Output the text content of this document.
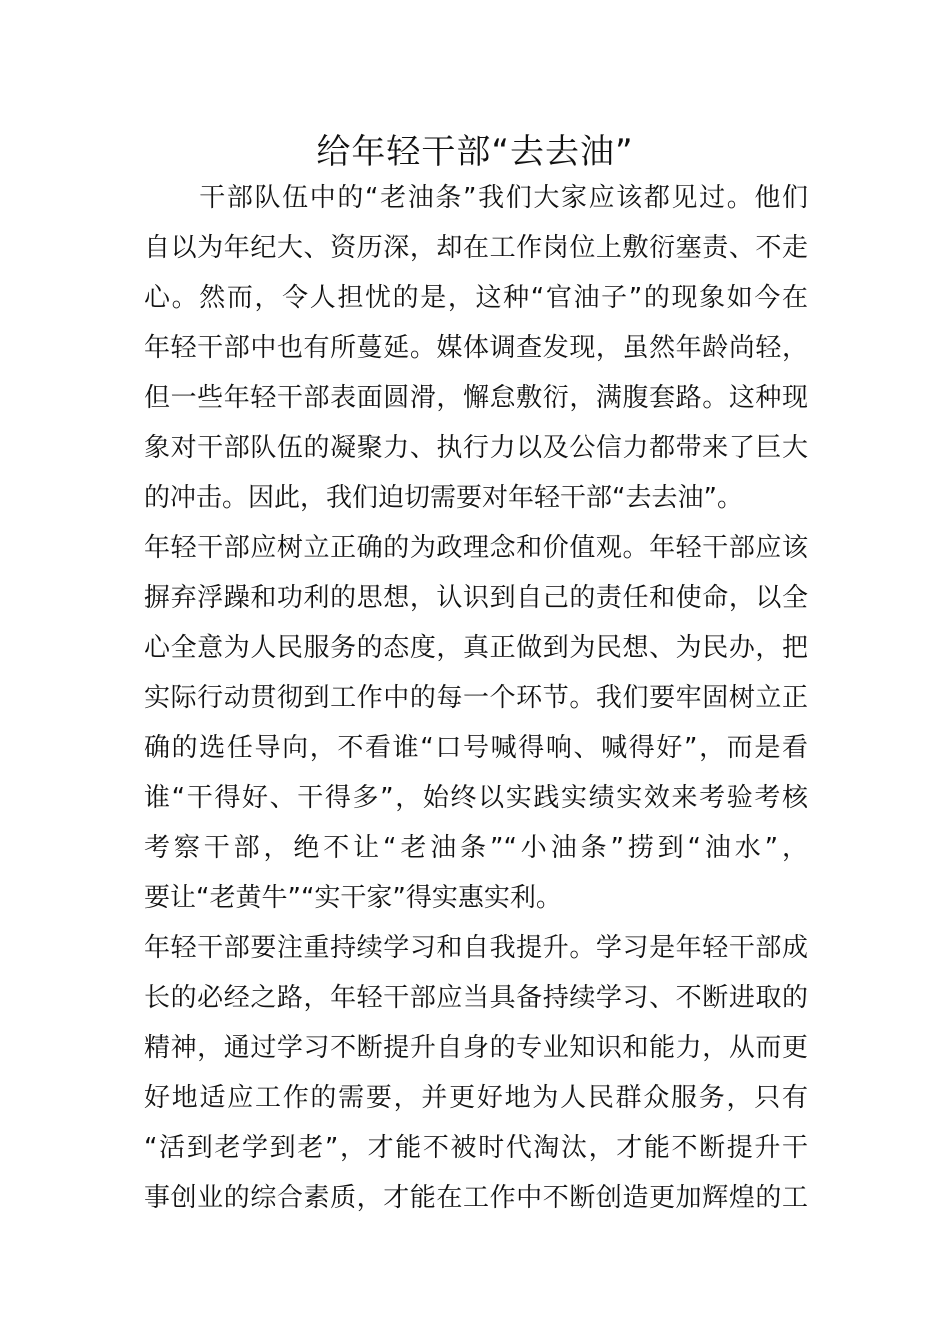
给年轻干部“去去油”

　　干部队伍中的“老油条”我们大家应该都见过。他们

自以为年纪大、资历深，却在工作岗位上敷衍塞责、不走

心。然而，令人担忧的是，这种“官油子”的现象如今在

年轻干部中也有所蔓延。媒体调查发现，虽然年龄尚轻，

但一些年轻干部表面圆滑，懈怠敷衍，满腹套路。这种现

象对干部队伍的凝聚力、执行力以及公信力都带来了巨大

的冲击。因此，我们迫切需要对年轻干部“去去油”。

年轻干部应树立正确的为政理念和价值观。年轻干部应该

摒弃浮躁和功利的思想，认识到自己的责任和使命，以全

心全意为人民服务的态度，真正做到为民想、为民办，把

实际行动贯彻到工作中的每一个环节。我们要牢固树立正

确的选任导向，不看谁“口号喊得响、喊得好”，而是看

谁“干得好、干得多”，始终以实践实绩实效来考验考核

考察干部，绝不让“老油条”“小油条”捞到“油水”，

要让“老黄牛”“实干家”得实惠实利。

年轻干部要注重持续学习和自我提升。学习是年轻干部成

长的必经之路，年轻干部应当具备持续学习、不断进取的

精神，通过学习不断提升自身的专业知识和能力，从而更

好地适应工作的需要，并更好地为人民群众服务，只有

“活到老学到老”，才能不被时代淘汰，才能不断提升干

事创业的综合素质，才能在工作中不断创造更加辉煌的工
